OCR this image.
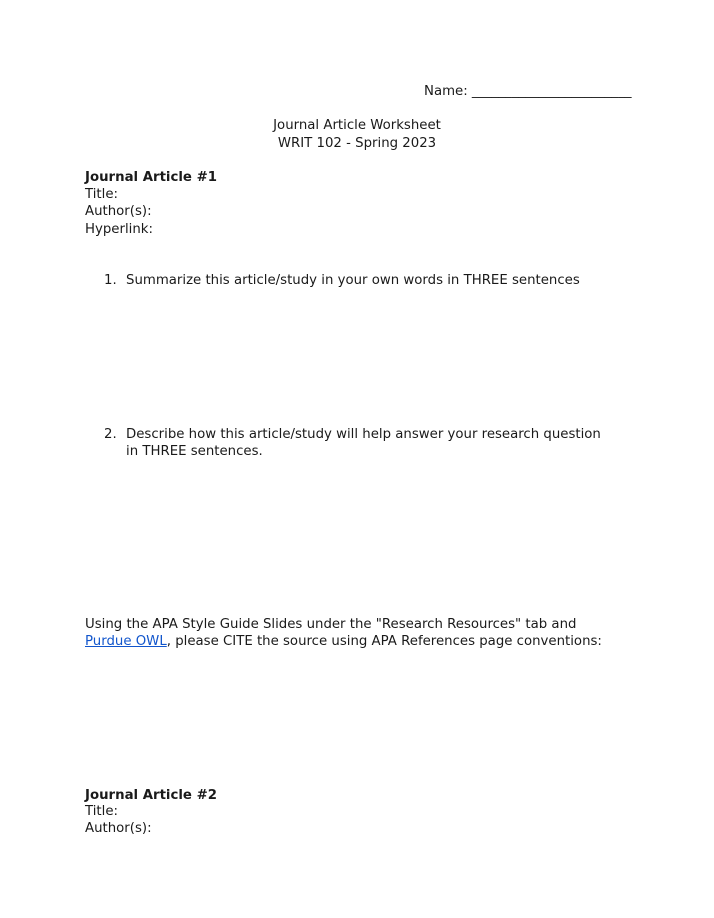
Name: ________________________
Journal Article Worksheet
WRIT 102 - Spring 2023
Journal Article #1
Title:
Author(s):
Hyperlink:
1. Summarize this article/study in your own words in THREE sentences
2. Describe how this article/study will help answer your research question in THREE sentences.
Using the APA Style Guide Slides under the "Research Resources" tab and Purdue OWL, please CITE the source using APA References page conventions:
Journal Article #2
Title:
Author(s):
